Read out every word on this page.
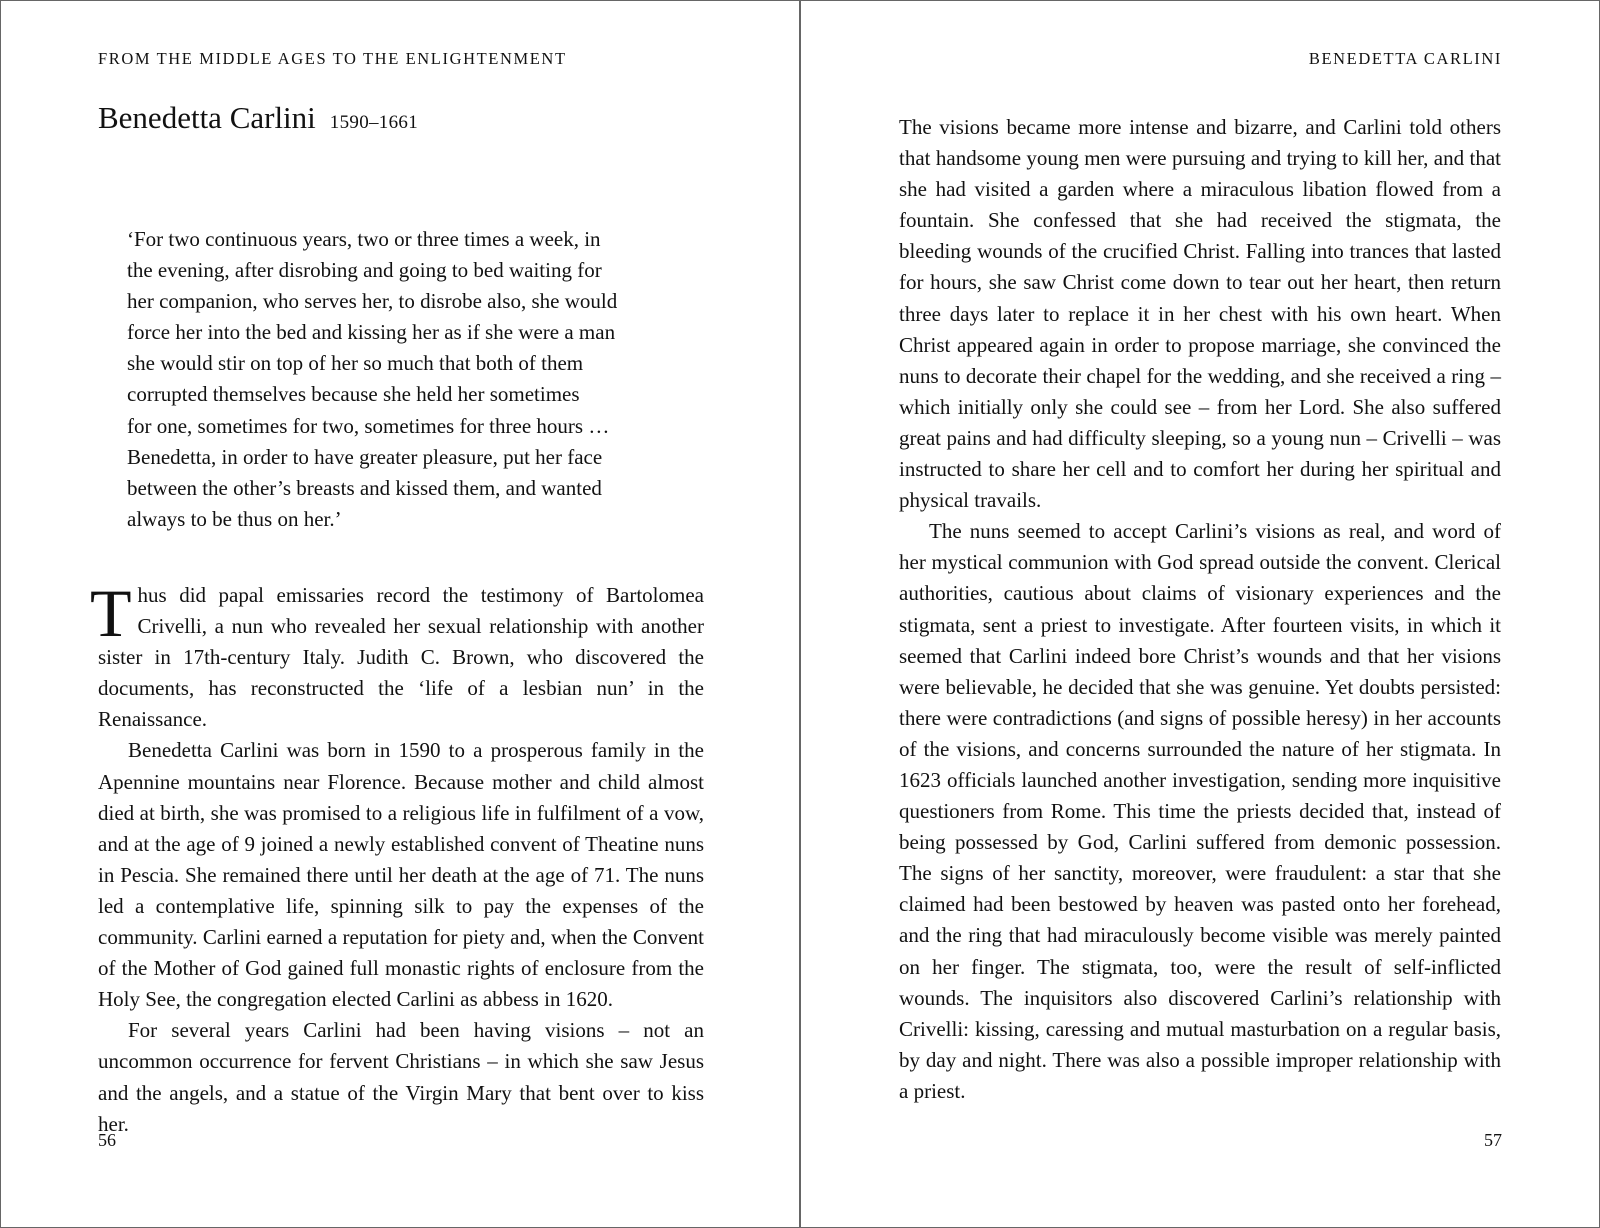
FROM THE MIDDLE AGES TO THE ENLIGHTENMENT
Benedetta Carlini 1590–1661
‘For two continuous years, two or three times a week, in
the evening, after disrobing and going to bed waiting for
her companion, who serves her, to disrobe also, she would
force her into the bed and kissing her as if she were a man
she would stir on top of her so much that both of them
corrupted themselves because she held her sometimes
for one, sometimes for two, sometimes for three hours …
Benedetta, in order to have greater pleasure, put her face
between the other’s breasts and kissed them, and wanted
always to be thus on her.’

Thus did papal emissaries record the testimony of Bartolomea Crivelli, a nun who revealed her sexual relationship with another sister in 17th-century Italy. Judith C. Brown, who discovered the documents, has reconstructed the ‘life of a lesbian nun’ in the Renaissance.

Benedetta Carlini was born in 1590 to a prosperous family in the Apennine mountains near Florence. Because mother and child almost died at birth, she was promised to a religious life in fulfilment of a vow, and at the age of 9 joined a newly established convent of Theatine nuns in Pescia. She remained there until her death at the age of 71. The nuns led a contemplative life, spinning silk to pay the expenses of the community. Carlini earned a reputation for piety and, when the Convent of the Mother of God gained full monastic rights of enclosure from the Holy See, the congregation elected Carlini as abbess in 1620.

For several years Carlini had been having visions – not an uncommon occurrence for fervent Christians – in which she saw Jesus and the angels, and a statue of the Virgin Mary that bent over to kiss her.

56
BENEDETTA CARLINI

The visions became more intense and bizarre, and Carlini told others that handsome young men were pursuing and trying to kill her, and that she had visited a garden where a miraculous libation flowed from a fountain. She confessed that she had received the stigmata, the bleeding wounds of the crucified Christ. Falling into trances that lasted for hours, she saw Christ come down to tear out her heart, then return three days later to replace it in her chest with his own heart. When Christ appeared again in order to propose marriage, she convinced the nuns to decorate their chapel for the wedding, and she received a ring – which initially only she could see – from her Lord. She also suffered great pains and had difficulty sleeping, so a young nun – Crivelli – was instructed to share her cell and to comfort her during her spiritual and physical travails.

The nuns seemed to accept Carlini’s visions as real, and word of her mystical communion with God spread outside the convent. Clerical authorities, cautious about claims of visionary experiences and the stigmata, sent a priest to investigate. After fourteen visits, in which it seemed that Carlini indeed bore Christ’s wounds and that her visions were believable, he decided that she was genuine. Yet doubts persisted: there were contradictions (and signs of possible heresy) in her accounts of the visions, and concerns surrounded the nature of her stigmata. In 1623 officials launched another investigation, sending more inquisitive questioners from Rome. This time the priests decided that, instead of being possessed by God, Carlini suffered from demonic possession. The signs of her sanctity, moreover, were fraudulent: a star that she claimed had been bestowed by heaven was pasted onto her forehead, and the ring that had miraculously become visible was merely painted on her finger. The stigmata, too, were the result of self-inflicted wounds. The inquisitors also discovered Carlini’s relationship with Crivelli: kissing, caressing and mutual masturbation on a regular basis, by day and night. There was also a possible improper relationship with a priest.

57
